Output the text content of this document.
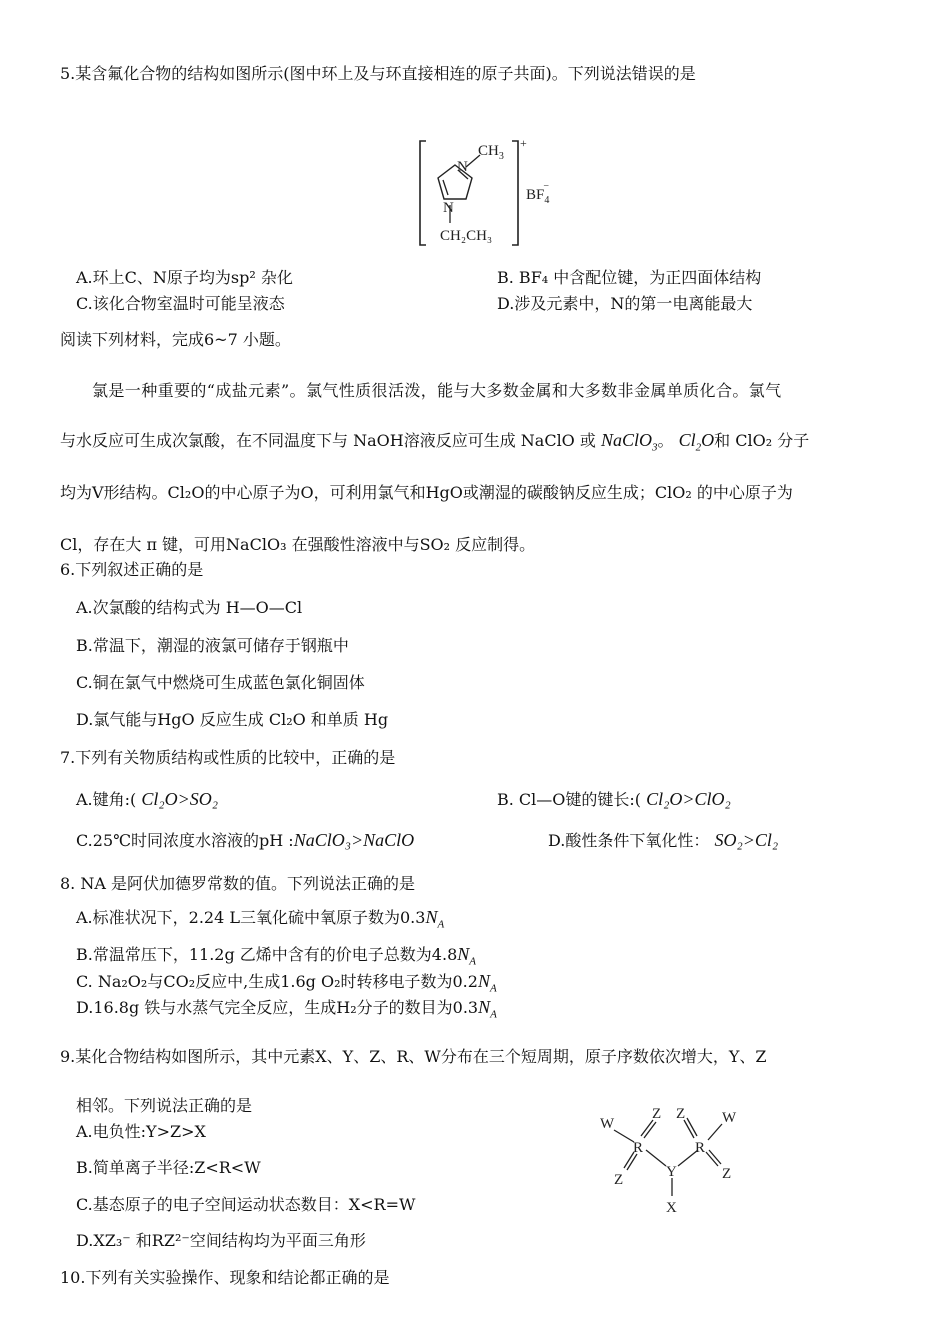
5.某含氟化合物的结构如图所示(图中环上及与环直接相连的原子共面)。下列说法错误的是
+
N
N
$CH_3$
CH₂CH₃
$BF_4-$
A.环上C、N原子均为sp² 杂化	B. BF₄ 中含配位键，为正四面体结构
C.该化合物室温时可能呈液态	D.涉及元素中，N的第一电离能最大
阅读下列材料，完成6~7 小题。
氯是一种重要的“成盐元素”。氯气性质很活泼，能与大多数金属和大多数非金属单质化合。氯气
与水反应可生成次氯酸，在不同温度下与 NaOH溶液反应可生成 NaClO 或 NaClO$_3$。 $Cl_2O$和 ClO₂ 分子
均为V形结构。Cl₂O的中心原子为O，可利用氯气和HgO或潮湿的碳酸钠反应生成；ClO₂ 的中心原子为
Cl，存在大 π 键，可用NaClO₃ 在强酸性溶液中与SO₂ 反应制得。
6.下列叙述正确的是
A.次氯酸的结构式为 H—O—Cl
B.常温下，潮湿的液氯可储存于钢瓶中
C.铜在氯气中燃烧可生成蓝色氯化铜固体
D.氯气能与HgO 反应生成 Cl₂O 和单质 Hg
7.下列有关物质结构或性质的比较中，正确的是
A.键角:( Cl₂O>SO₂	B. Cl—O键的键长:( Cl₂O>ClO₂
C.25℃时同浓度水溶液的pH :NaClO₃>NaClO	D.酸性条件下氧化性： SO₂>Cl₂
8. NA 是阿伏加德罗常数的值。下列说法正确的是
A.标准状况下，2.24 L三氧化硫中氧原子数为$0.3N_A$
B.常温常压下，11.2g 乙烯中含有的价电子总数为$4.8N_A$
C. Na₂O₂与CO₂反应中,生成1.6g O₂时转移电子数为$0.2N_A$
D.16.8g 铁与水蒸气完全反应，生成H₂分子的数目为$0.3N_A$
9.某化合物结构如图所示，其中元素X、Y、Z、R、W分布在三个短周期，原子序数依次增大，Y、Z
相邻。下列说法正确的是
A.电负性:Y>Z>X
B.简单离子半径:Z<R<W
C.基态原子的电子空间运动状态数目：X<R=W
D.XZ₃⁻ 和RZ²⁻空间结构均为平面三角形
W
Z
R
Z	Y
X
Z
R
W
Z
10.下列有关实验操作、现象和结论都正确的是
